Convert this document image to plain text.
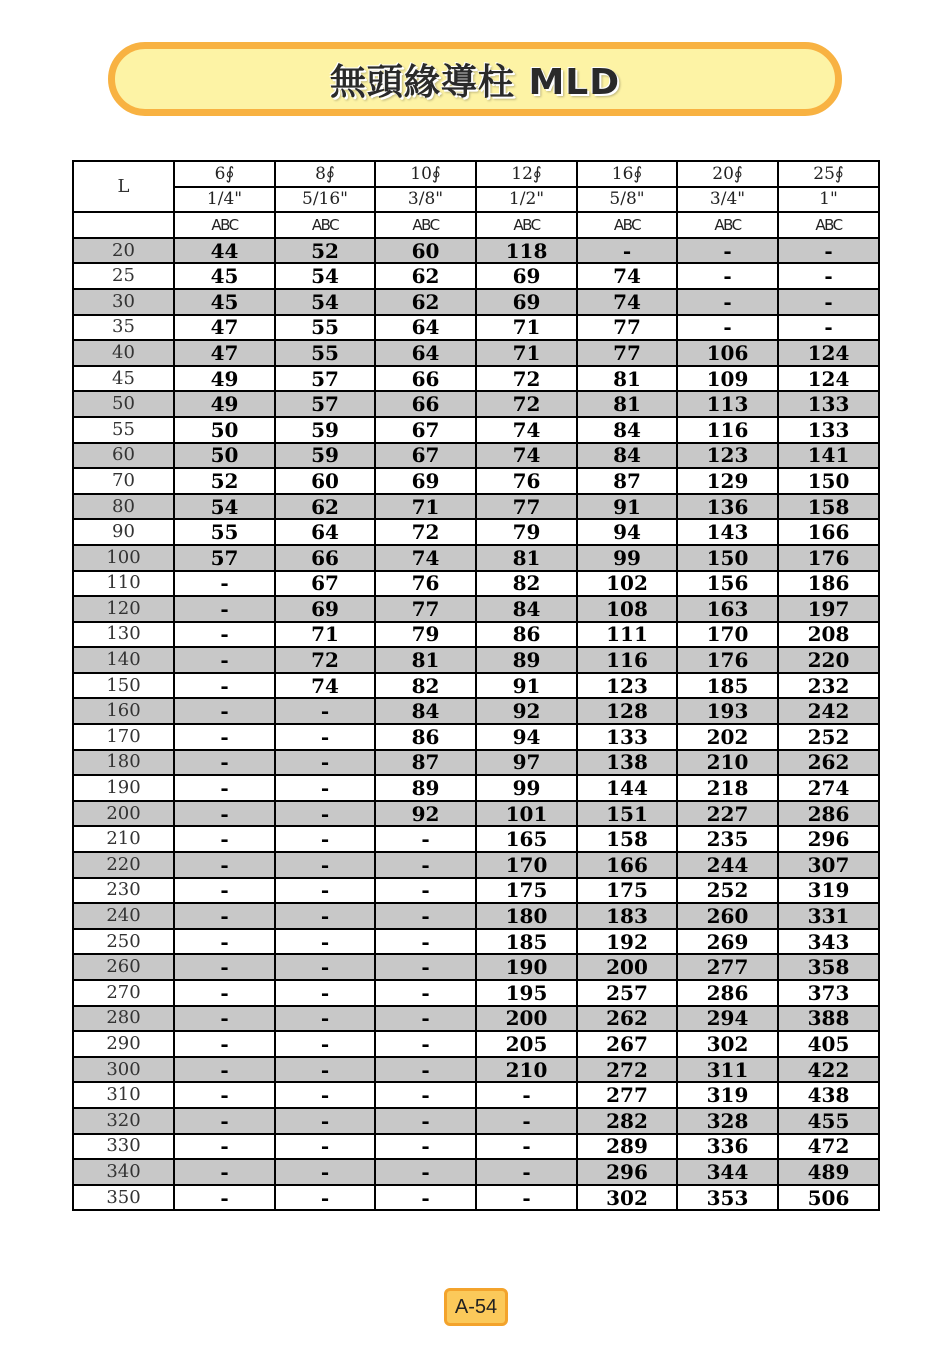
無頭緣導柱 MLD
L	6∮	8∮	10∮	12∮	16∮	20∮	25∮
	1/4"	5/16"	3/8"	1/2"	5/8"	3/4"	1"
	ABC	ABC	ABC	ABC	ABC	ABC	ABC
20	44	52	60	118	-	-	-
25	45	54	62	69	74	-	-
30	45	54	62	69	74	-	-
35	47	55	64	71	77	-	-
40	47	55	64	71	77	106	124
45	49	57	66	72	81	109	124
50	49	57	66	72	81	113	133
55	50	59	67	74	84	116	133
60	50	59	67	74	84	123	141
70	52	60	69	76	87	129	150
80	54	62	71	77	91	136	158
90	55	64	72	79	94	143	166
100	57	66	74	81	99	150	176
110	-	67	76	82	102	156	186
120	-	69	77	84	108	163	197
130	-	71	79	86	111	170	208
140	-	72	81	89	116	176	220
150	-	74	82	91	123	185	232
160	-	-	84	92	128	193	242
170	-	-	86	94	133	202	252
180	-	-	87	97	138	210	262
190	-	-	89	99	144	218	274
200	-	-	92	101	151	227	286
210	-	-	-	165	158	235	296
220	-	-	-	170	166	244	307
230	-	-	-	175	175	252	319
240	-	-	-	180	183	260	331
250	-	-	-	185	192	269	343
260	-	-	-	190	200	277	358
270	-	-	-	195	257	286	373
280	-	-	-	200	262	294	388
290	-	-	-	205	267	302	405
300	-	-	-	210	272	311	422
310	-	-	-	-	277	319	438
320	-	-	-	-	282	328	455
330	-	-	-	-	289	336	472
340	-	-	-	-	296	344	489
350	-	-	-	-	302	353	506
A-54
